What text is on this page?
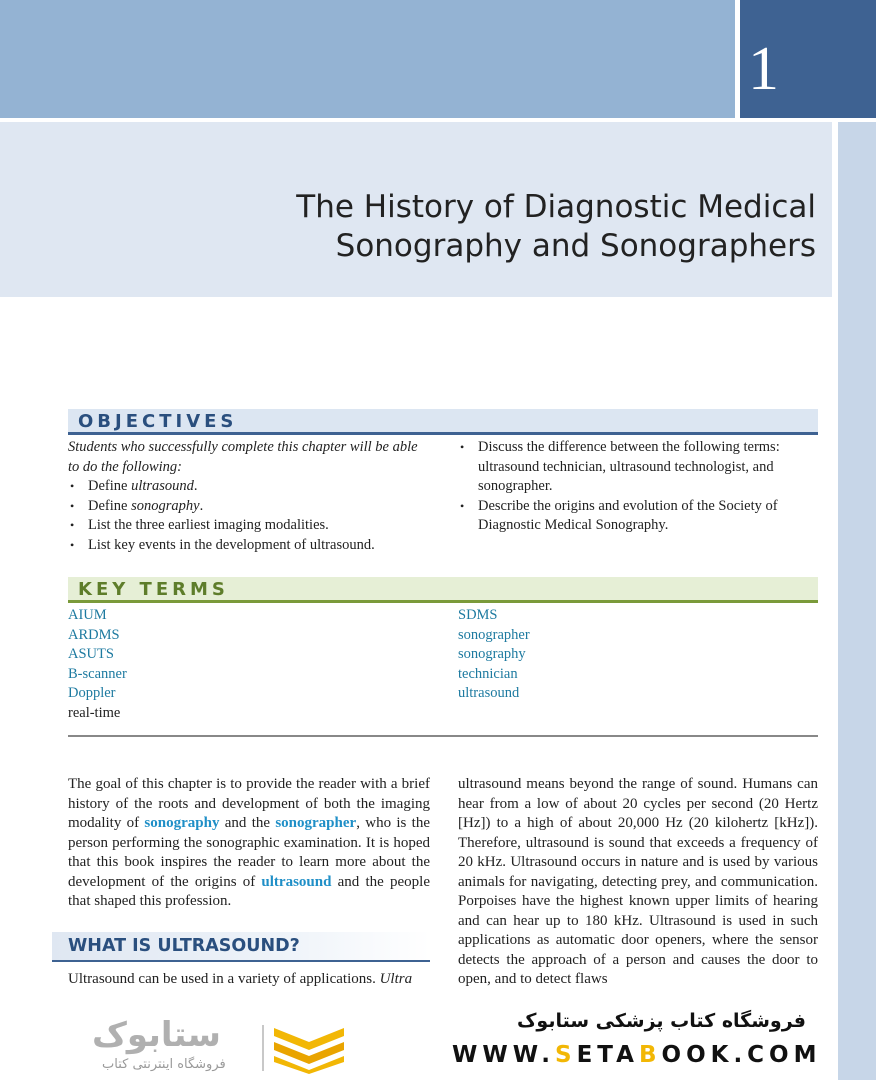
1
The History of Diagnostic Medical
Sonography and Sonographers
OBJECTIVES

Students who successfully complete this chapter will be able to do the following:

• Define ultrasound.
• Define sonography.
• List the three earliest imaging modalities.
• List key events in the development of ultrasound.
• Discuss the difference between the following terms: ultrasound technician, ultrasound technologist, and sonographer.
• Describe the origins and evolution of the Society of Diagnostic Medical Sonography.
KEY TERMS
AIUM
ARDMS
ASUTS
B-scanner
Doppler
real-time
SDMS
sonographer
sonography
technician
ultrasound
The goal of this chapter is to provide the reader with a brief history of the roots and development of both the imaging modality of sonography and the sonographer, who is the person performing the sonographic examination. It is hoped that this book inspires the reader to learn more about the development of the origins of ultrasound and the people that shaped this profession.
WHAT IS ULTRASOUND?
Ultrasound can be used in a variety of applications. Ultra
ultrasound means beyond the range of sound. Humans can hear from a low of about 20 cycles per second (20 Hertz [Hz]) to a high of about 20,000 Hz (20 kilohertz [kHz]). Therefore, ultrasound is sound that exceeds a frequency of 20 kHz. Ultrasound occurs in nature and is used by various animals for navigating, detecting prey, and communication. Porpoises have the highest known upper limits of hearing and can hear up to 180 kHz. Ultrasound is used in such applications as automatic door openers, where the sensor detects the approach of a person and causes the door to open, and to detect flaws
ستابوک
فروشگاه اینترنتی کتاب
فروشگاه کتاب پزشکی ستابوک
WWW.SETABOOK.COM
